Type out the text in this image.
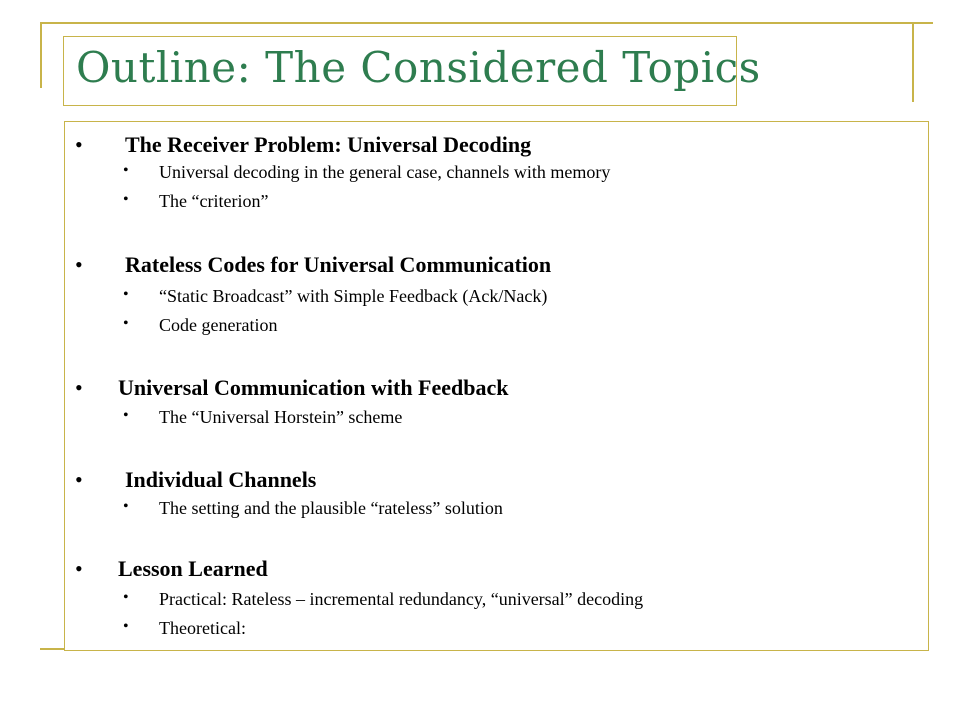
Outline: The Considered Topics
• The Receiver Problem: Universal Decoding
• Universal decoding in the general case, channels with memory
• The “criterion”
• Rateless Codes for Universal Communication
• “Static Broadcast” with Simple Feedback (Ack/Nack)
• Code generation
• Universal Communication with Feedback
• The “Universal Horstein” scheme
• Individual Channels
• The setting and the plausible “rateless” solution
• Lesson Learned
• Practical: Rateless – incremental redundancy, “universal” decoding
• Theoretical:
